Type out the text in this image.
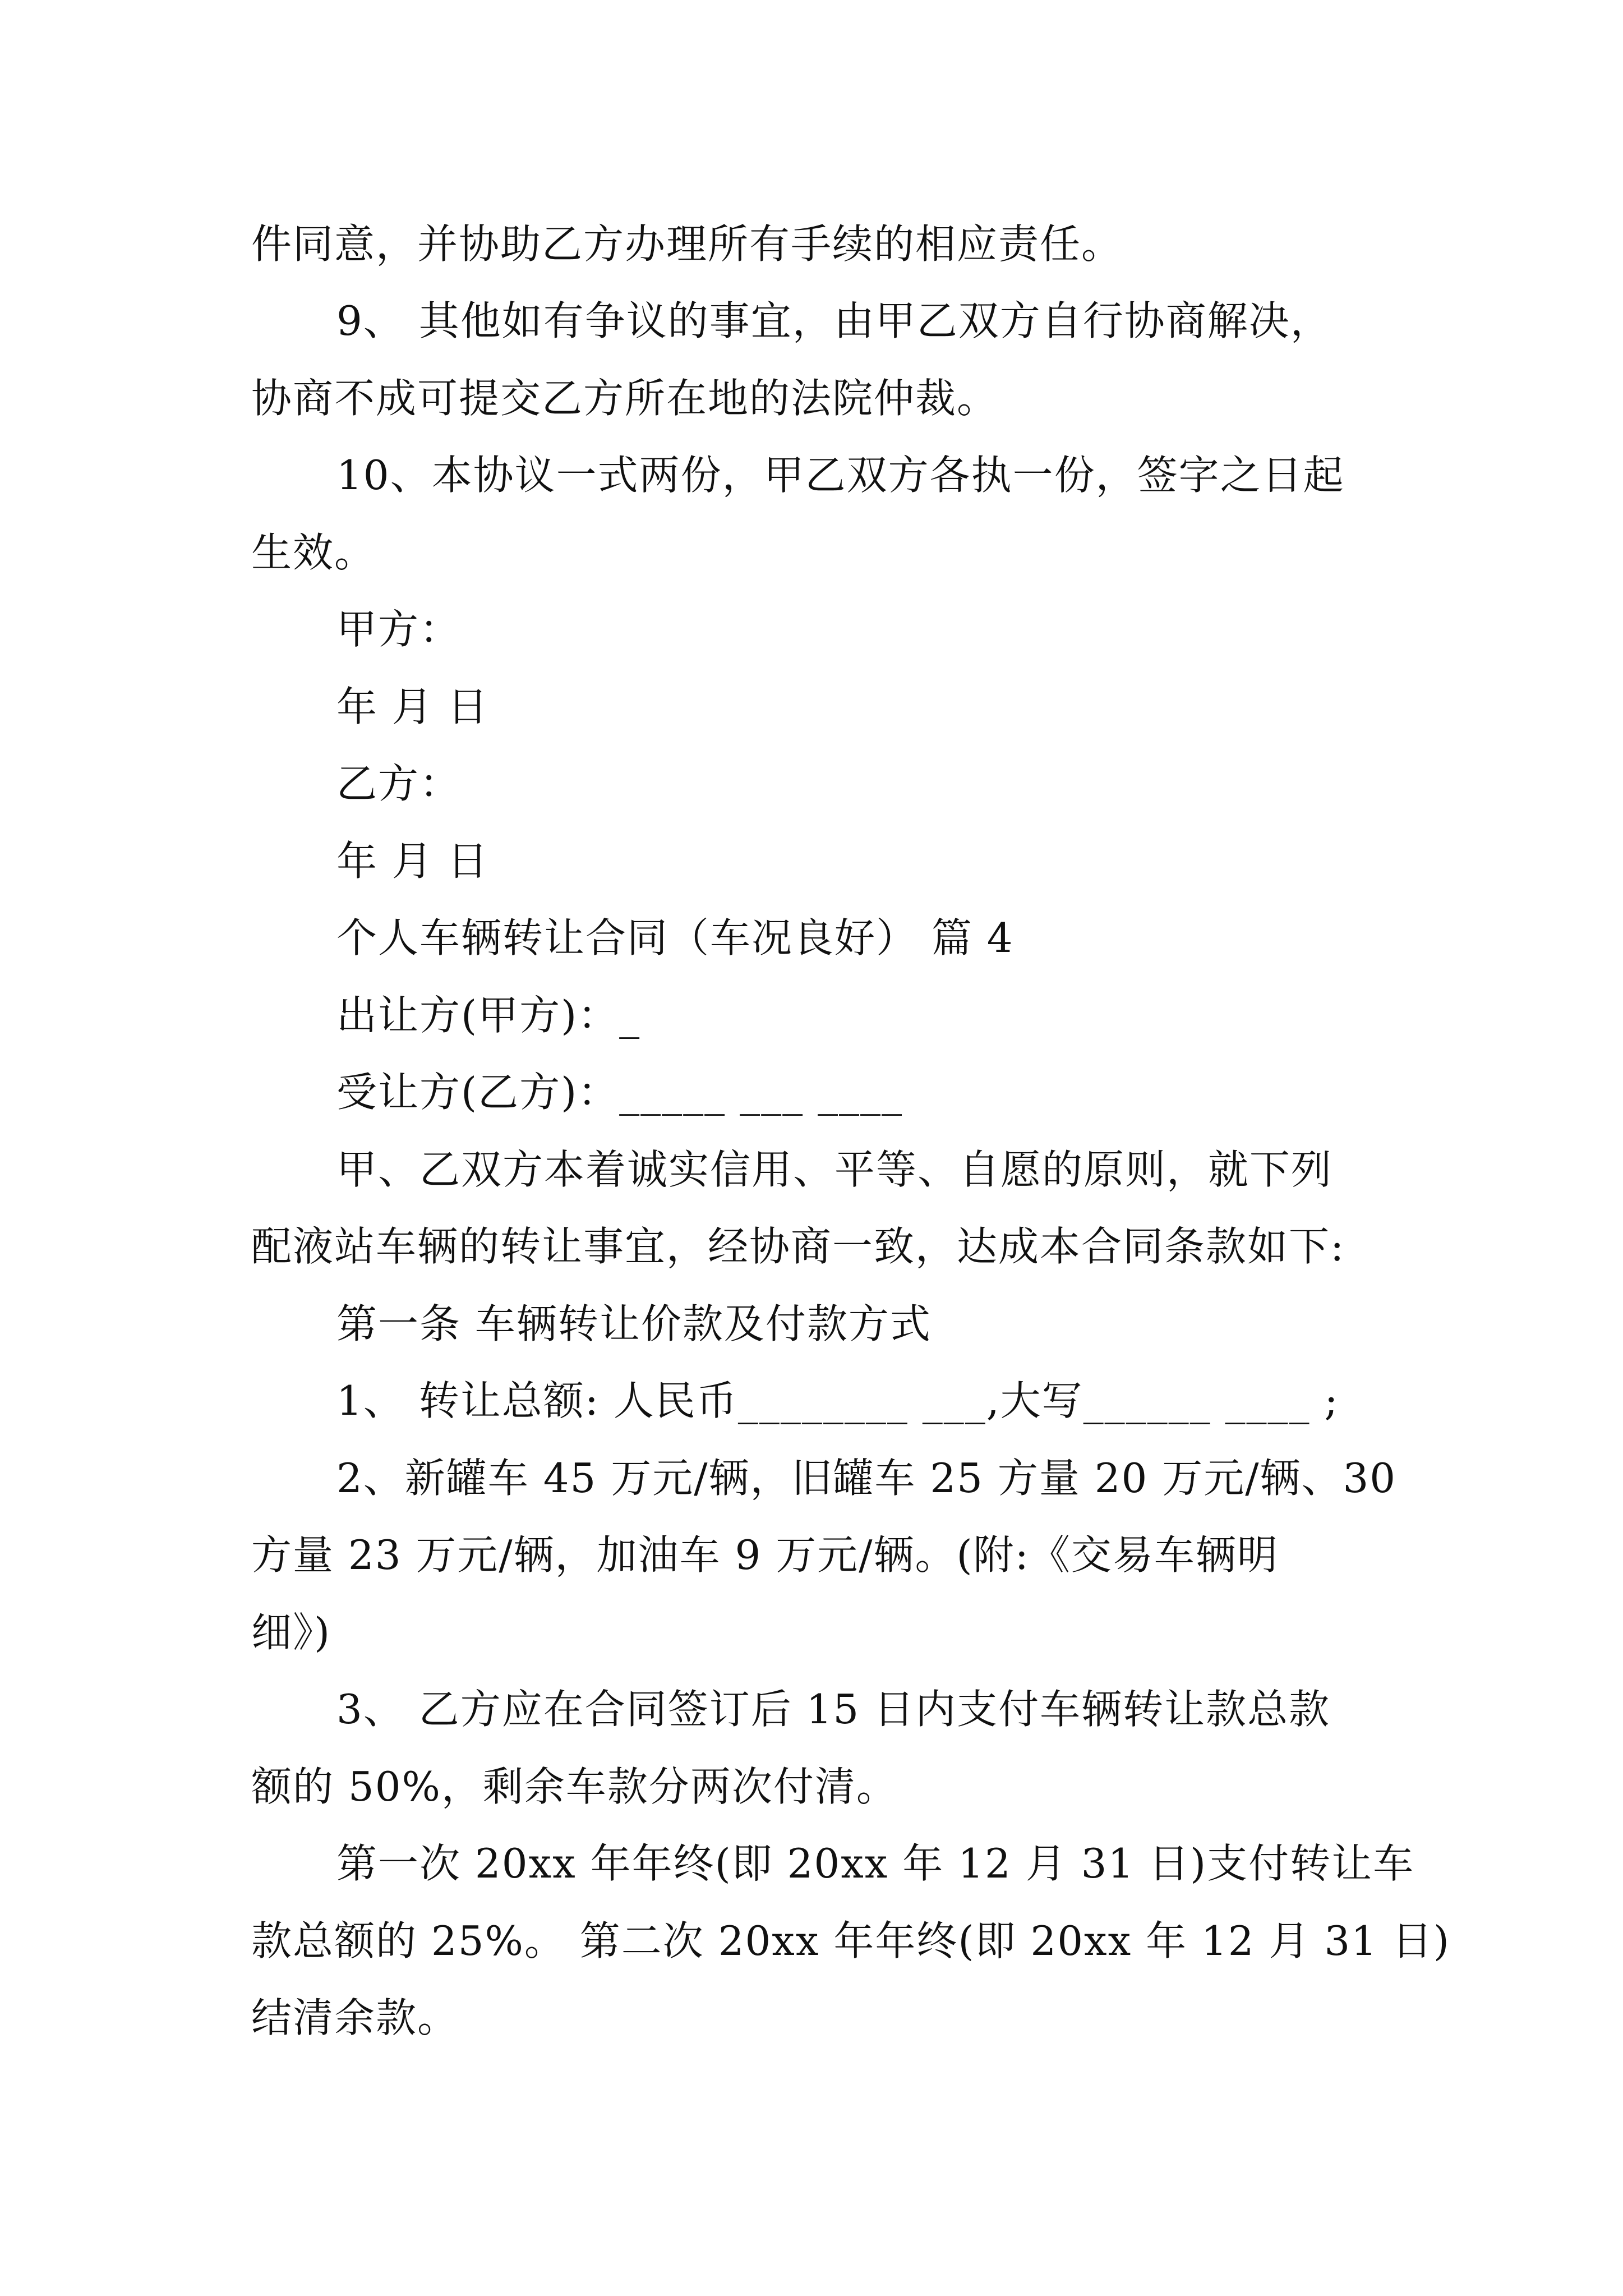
件同意，并协助乙方办理所有手续的相应责任。
9、 其他如有争议的事宜，由甲乙双方自行协商解决，
协商不成可提交乙方所在地的法院仲裁。
10、本协议一式两份，甲乙双方各执一份，签字之日起
生效。
甲方：
年 月 日
乙方：
年 月 日
个人车辆转让合同（车况良好） 篇 4
出让方(甲方)：_
受让方(乙方)：_____ ___ ____
甲、乙双方本着诚实信用、平等、自愿的原则，就下列
配液站车辆的转让事宜，经协商一致，达成本合同条款如下:
第一条 车辆转让价款及付款方式
1、 转让总额: 人民币________ ___,大写______ ____ ;
2、新罐车 45 万元/辆，旧罐车 25 方量 20 万元/辆、30
方量 23 万元/辆，加油车 9 万元/辆。(附:《交易车辆明
细》)
3、 乙方应在合同签订后 15 日内支付车辆转让款总款
额的 50%，剩余车款分两次付清。
第一次 20xx 年年终(即 20xx 年 12 月 31 日)支付转让车
款总额的 25%。 第二次 20xx 年年终(即 20xx 年 12 月 31 日)
结清余款。
